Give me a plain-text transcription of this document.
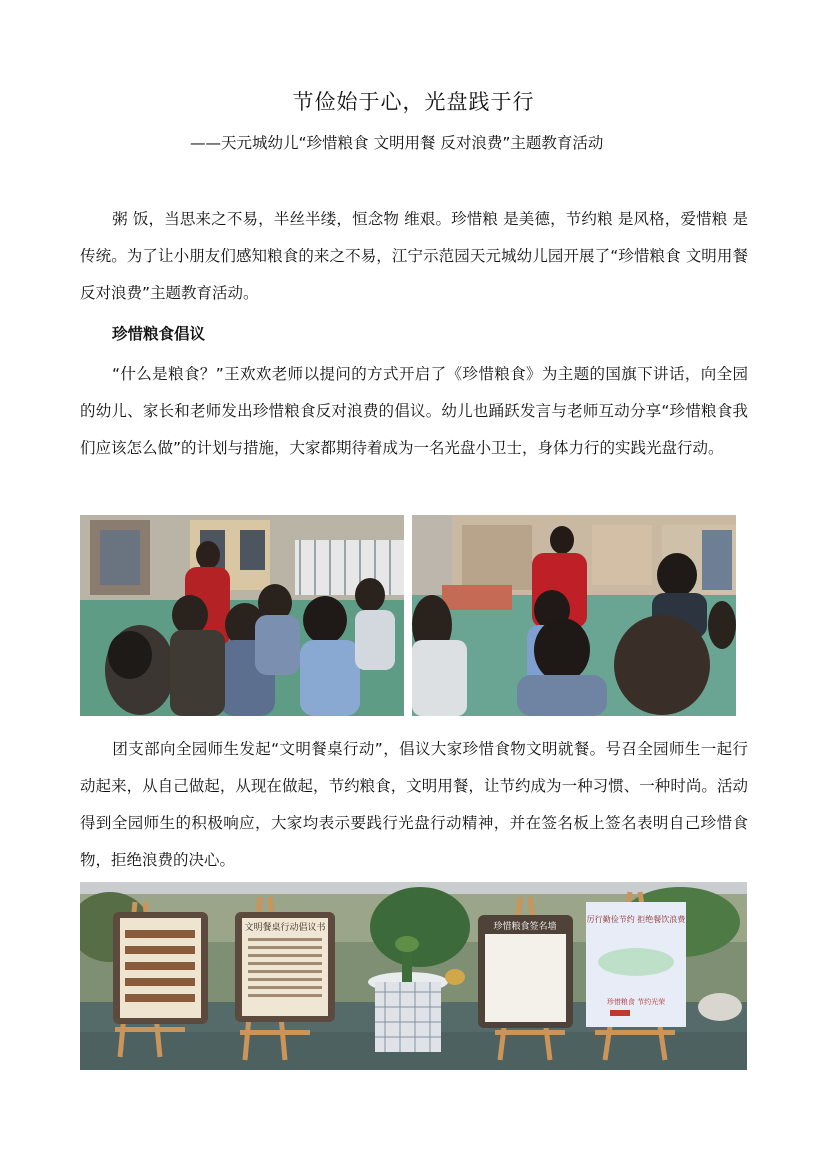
节俭始于心，光盘践于行
——天元城幼儿“珍惜粮食 文明用餐 反对浪费”主题教育活动

粥 饭，当思来之不易，半丝半缕，恒念物 维艰。珍惜粮 是美德，节约粮 是风格，爱惜粮 是传统。为了让小朋友们感知粮食的来之不易，江宁示范园天元城幼儿园开展了“珍惜粮食 文明用餐 反对浪费”主题教育活动。

珍惜粮食倡议

“什么是粮食？”王欢欢老师以提问的方式开启了《珍惜粮食》为主题的国旗下讲话，向全园的幼儿、家长和老师发出珍惜粮食反对浪费的倡议。幼儿也踊跃发言与老师互动分享“珍惜粮食我们应该怎么做”的计划与措施，大家都期待着成为一名光盘小卫士，身体力行的实践光盘行动。

团支部向全园师生发起“文明餐桌行动”，倡议大家珍惜食物文明就餐。号召全园师生一起行动起来，从自己做起，从现在做起，节约粮食，文明用餐，让节约成为一种习惯、一种时尚。活动得到全园师生的积极响应，大家均表示要践行光盘行动精神，并在签名板上签名表明自己珍惜食物，拒绝浪费的决心。

文明餐桌行动倡议书	珍惜粮食签名墙
厉行勤俭节约 拒绝餐饮浪费
珍惜粮食 节约光荣
